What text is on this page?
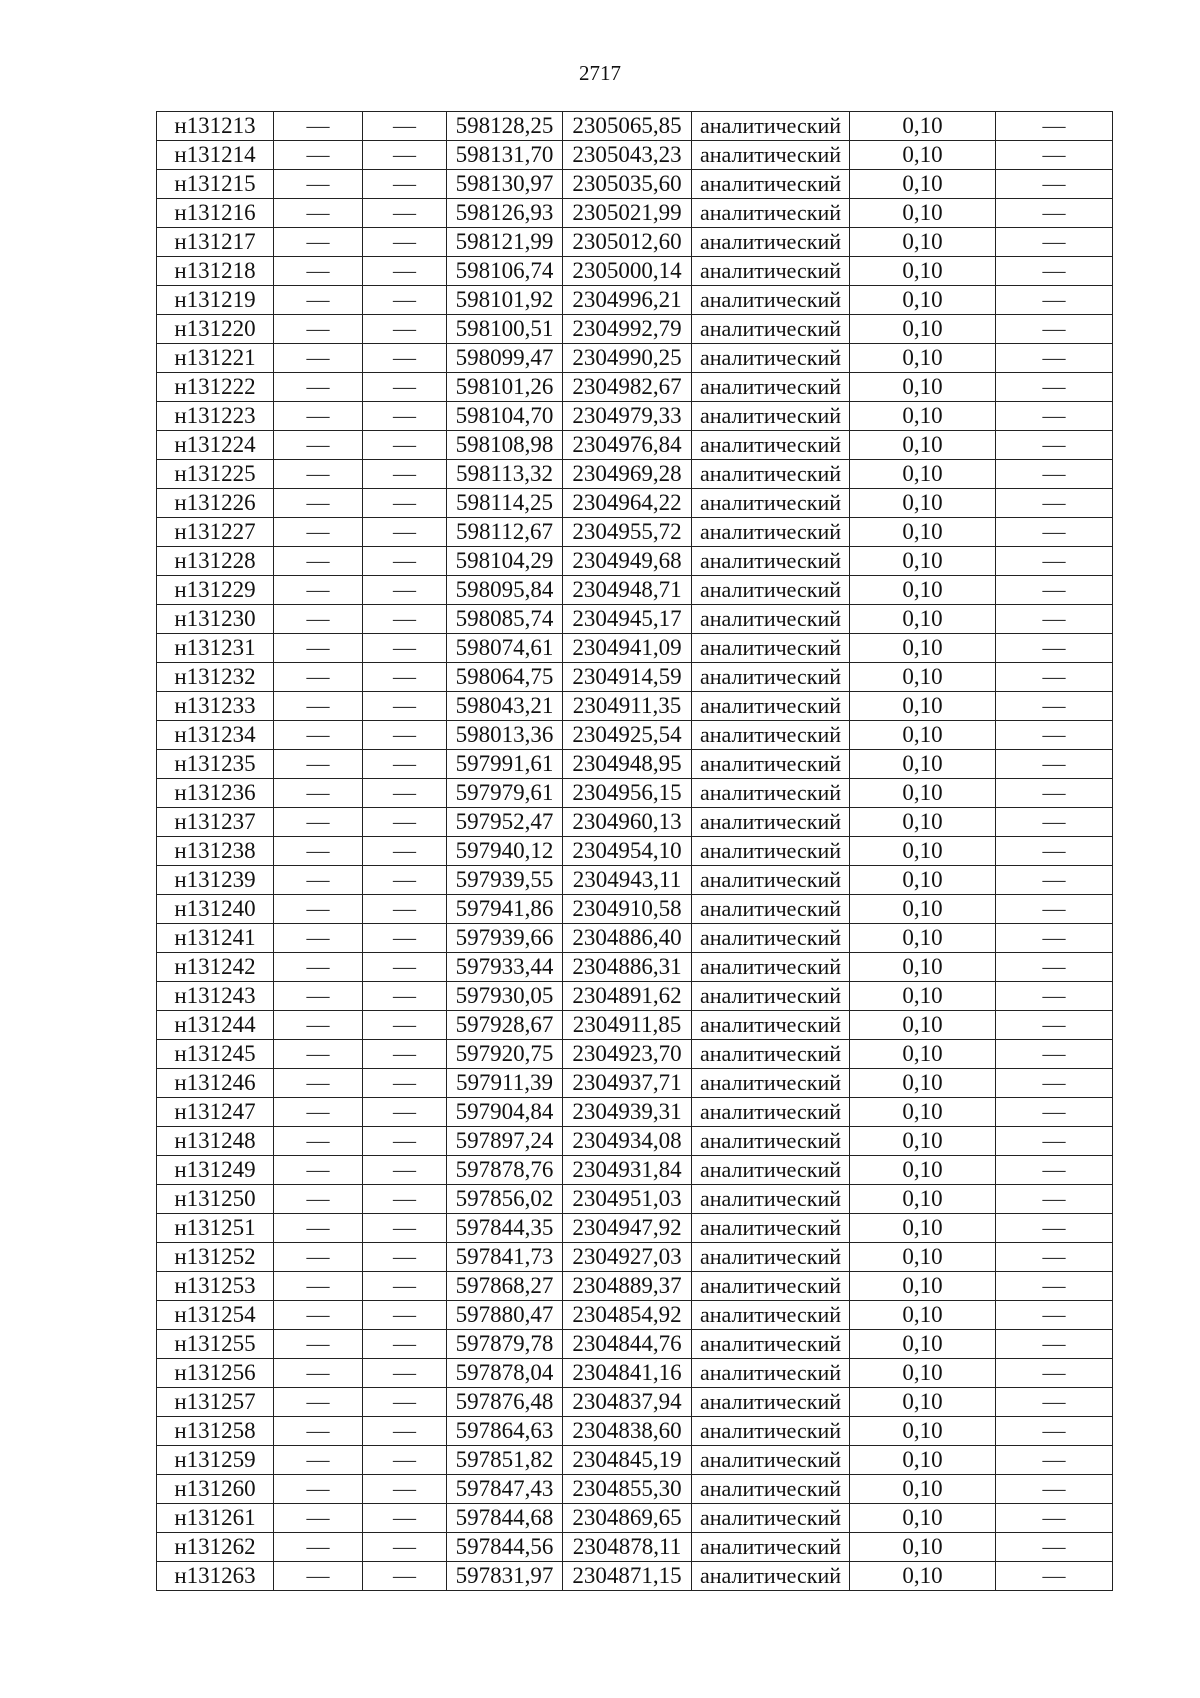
2717
н131213	—	—	598128,25	2305065,85	аналитический	0,10	—
н131214	—	—	598131,70	2305043,23	аналитический	0,10	—
н131215	—	—	598130,97	2305035,60	аналитический	0,10	—
н131216	—	—	598126,93	2305021,99	аналитический	0,10	—
н131217	—	—	598121,99	2305012,60	аналитический	0,10	—
н131218	—	—	598106,74	2305000,14	аналитический	0,10	—
н131219	—	—	598101,92	2304996,21	аналитический	0,10	—
н131220	—	—	598100,51	2304992,79	аналитический	0,10	—
н131221	—	—	598099,47	2304990,25	аналитический	0,10	—
н131222	—	—	598101,26	2304982,67	аналитический	0,10	—
н131223	—	—	598104,70	2304979,33	аналитический	0,10	—
н131224	—	—	598108,98	2304976,84	аналитический	0,10	—
н131225	—	—	598113,32	2304969,28	аналитический	0,10	—
н131226	—	—	598114,25	2304964,22	аналитический	0,10	—
н131227	—	—	598112,67	2304955,72	аналитический	0,10	—
н131228	—	—	598104,29	2304949,68	аналитический	0,10	—
н131229	—	—	598095,84	2304948,71	аналитический	0,10	—
н131230	—	—	598085,74	2304945,17	аналитический	0,10	—
н131231	—	—	598074,61	2304941,09	аналитический	0,10	—
н131232	—	—	598064,75	2304914,59	аналитический	0,10	—
н131233	—	—	598043,21	2304911,35	аналитический	0,10	—
н131234	—	—	598013,36	2304925,54	аналитический	0,10	—
н131235	—	—	597991,61	2304948,95	аналитический	0,10	—
н131236	—	—	597979,61	2304956,15	аналитический	0,10	—
н131237	—	—	597952,47	2304960,13	аналитический	0,10	—
н131238	—	—	597940,12	2304954,10	аналитический	0,10	—
н131239	—	—	597939,55	2304943,11	аналитический	0,10	—
н131240	—	—	597941,86	2304910,58	аналитический	0,10	—
н131241	—	—	597939,66	2304886,40	аналитический	0,10	—
н131242	—	—	597933,44	2304886,31	аналитический	0,10	—
н131243	—	—	597930,05	2304891,62	аналитический	0,10	—
н131244	—	—	597928,67	2304911,85	аналитический	0,10	—
н131245	—	—	597920,75	2304923,70	аналитический	0,10	—
н131246	—	—	597911,39	2304937,71	аналитический	0,10	—
н131247	—	—	597904,84	2304939,31	аналитический	0,10	—
н131248	—	—	597897,24	2304934,08	аналитический	0,10	—
н131249	—	—	597878,76	2304931,84	аналитический	0,10	—
н131250	—	—	597856,02	2304951,03	аналитический	0,10	—
н131251	—	—	597844,35	2304947,92	аналитический	0,10	—
н131252	—	—	597841,73	2304927,03	аналитический	0,10	—
н131253	—	—	597868,27	2304889,37	аналитический	0,10	—
н131254	—	—	597880,47	2304854,92	аналитический	0,10	—
н131255	—	—	597879,78	2304844,76	аналитический	0,10	—
н131256	—	—	597878,04	2304841,16	аналитический	0,10	—
н131257	—	—	597876,48	2304837,94	аналитический	0,10	—
н131258	—	—	597864,63	2304838,60	аналитический	0,10	—
н131259	—	—	597851,82	2304845,19	аналитический	0,10	—
н131260	—	—	597847,43	2304855,30	аналитический	0,10	—
н131261	—	—	597844,68	2304869,65	аналитический	0,10	—
н131262	—	—	597844,56	2304878,11	аналитический	0,10	—
н131263	—	—	597831,97	2304871,15	аналитический	0,10	—
